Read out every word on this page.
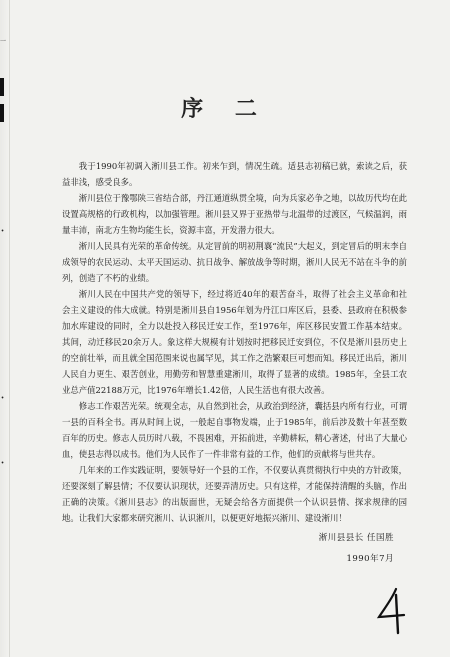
一
•
•
•
序 二

我于1990年初调入淅川县工作。初来乍到，情况生疏。适县志初稿已就，索读之后，获益非浅，感受良多。

淅川县位于豫鄂陕三省结合部，丹江通道纵贯全境，向为兵家必争之地，以故历代均在此设置高规格的行政机构，以加强管理。淅川县又界于亚热带与北温带的过渡区，气候温润，雨量丰沛，南北方生物均能生长，资源丰富，开发潜力很大。

淅川人民具有光荣的革命传统。从定冒前的明初荆襄“流民”大起义，到定冒后的明末李自成领导的农民运动、太平天国运动、抗日战争、解放战争等时期，淅川人民无不站在斗争的前列，创造了不朽的业绩。

淅川人民在中国共产党的领导下，经过将近40年的艰苦奋斗，取得了社会主义革命和社会主义建设的伟大成就。特别是淅川县自1956年划为丹江口库区后，县委、县政府在积极参加水库建设的同时，全力以赴投入移民迁安工作，至1976年，库区移民安置工作基本结束。其间，动迁移民20余万人。象这样大规模有计划按时把移民迁安到位，不仅是淅川县历史上的空前壮举，而且就全国范围来说也属罕见，其工作之浩繁艰巨可想而知。移民迁出后，淅川人民自力更生、艰苦创业，用勤劳和智慧重建淅川，取得了显著的成绩。1985年，全县工农业总产值22188万元，比1976年增长1.42倍，人民生活也有很大改善。

修志工作艰苦光荣。统观全志，从自然到社会，从政治到经济，囊括县内所有行业，可谓一县的百科全书。再从时间上说，一般起自事物发端，止于1985年，前后涉及数十年甚至数百年的历史。修志人员历时八载，不畏困难，开拓前进，辛勤耕耘，精心著述，付出了大量心血，使县志得以成书。他们为人民作了一件非常有益的工作，他们的贡献将与世共存。

几年来的工作实践证明，要领导好一个县的工作，不仅要认真贯彻执行中央的方针政策，还要深刻了解县情；不仅要认识现状，还要弄清历史。只有这样，才能保持清醒的头脑，作出正确的决策。《淅川县志》的出版面世，无疑会给各方面提供一个认识县情、探求规律的园地。让我们大家都来研究淅川、认识淅川，以便更好地振兴淅川、建设淅川！

淅川县县长 任国胜
1990年7月
